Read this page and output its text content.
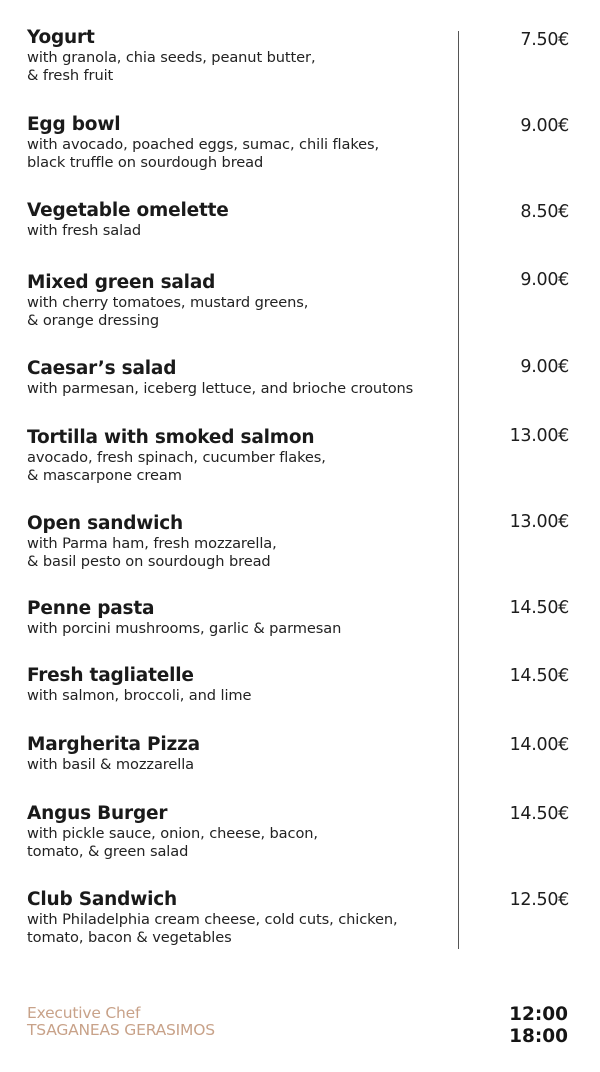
Yogurt
with granola, chia seeds, peanut butter,
& fresh fruit
7.50€
Egg bowl
with avocado, poached eggs, sumac, chili flakes,
black truffle on sourdough bread
9.00€
Vegetable omelette
with fresh salad
8.50€
Mixed green salad
with cherry tomatoes, mustard greens,
& orange dressing
9.00€
Caesar’s salad
with parmesan, iceberg lettuce, and brioche croutons
9.00€
Tortilla with smoked salmon
avocado, fresh spinach, cucumber flakes,
& mascarpone cream
13.00€
Open sandwich
with Parma ham, fresh mozzarella,
& basil pesto on sourdough bread
13.00€
Penne pasta
with porcini mushrooms, garlic & parmesan
14.50€
Fresh tagliatelle
with salmon, broccoli, and lime
14.50€
Margherita Pizza
with basil & mozzarella
14.00€
Angus Burger
with pickle sauce, onion, cheese, bacon,
tomato, & green salad
14.50€
Club Sandwich
with Philadelphia cream cheese, cold cuts, chicken,
tomato, bacon & vegetables
12.50€
Executive Chef
TSAGANEAS GERASIMOS
12:00
18:00
